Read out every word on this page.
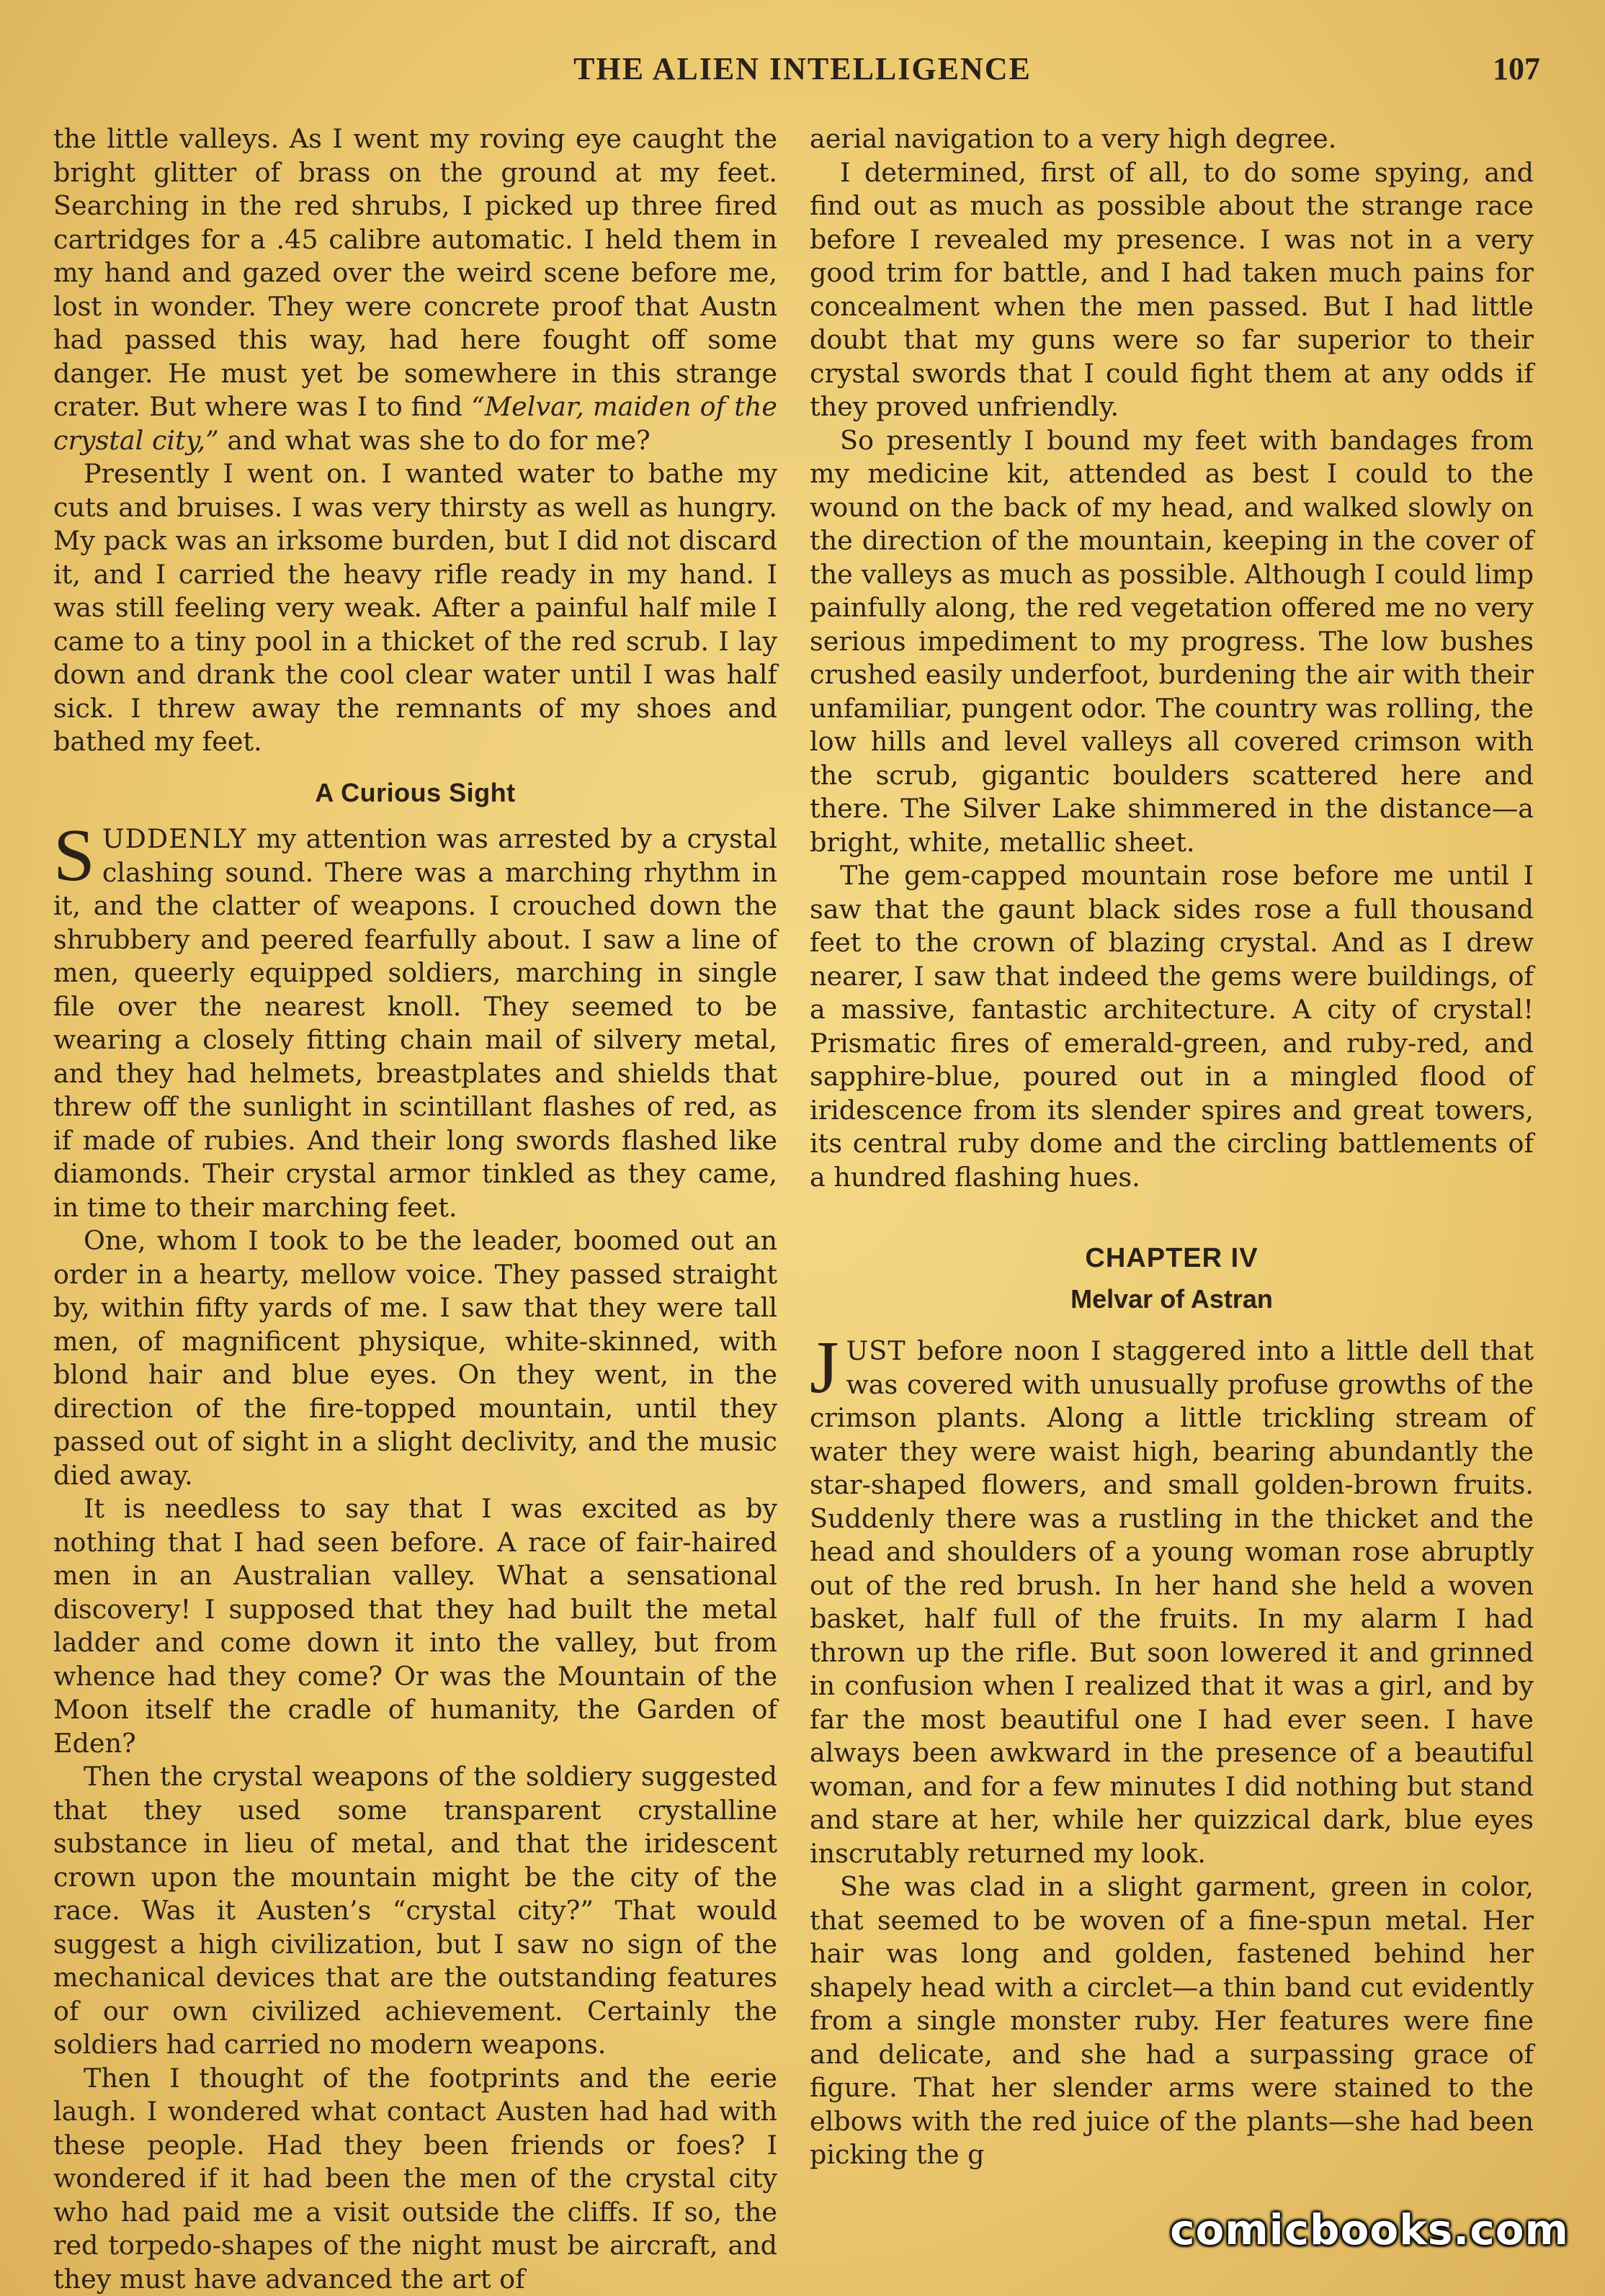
THE ALIEN INTELLIGENCE	107

the little valleys. As I went my roving eye caught the bright glitter of brass on the ground at my feet. Searching in the red shrubs, I picked up three fired cartridges for a .45 calibre automatic. I held them in my hand and gazed over the weird scene before me, lost in wonder. They were concrete proof that Austn had passed this way, had here fought off some danger. He must yet be somewhere in this strange crater. But where was I to find “Melvar, maiden of the crystal city,” and what was she to do for me?

Presently I went on. I wanted water to bathe my cuts and bruises. I was very thirsty as well as hungry. My pack was an irksome burden, but I did not discard it, and I carried the heavy rifle ready in my hand. I was still feeling very weak. After a painful half mile I came to a tiny pool in a thicket of the red scrub. I lay down and drank the cool clear water until I was half sick. I threw away the remnants of my shoes and bathed my feet.

A Curious Sight

SUDDENLY my attention was arrested by a crystal clashing sound. There was a marching rhythm in it, and the clatter of weapons. I crouched down the shrubbery and peered fearfully about. I saw a line of men, queerly equipped soldiers, marching in single file over the nearest knoll. They seemed to be wearing a closely fitting chain mail of silvery metal, and they had helmets, breastplates and shields that threw off the sunlight in scintillant flashes of red, as if made of rubies. And their long swords flashed like diamonds. Their crystal armor tinkled as they came, in time to their marching feet.

One, whom I took to be the leader, boomed out an order in a hearty, mellow voice. They passed straight by, within fifty yards of me. I saw that they were tall men, of magnificent physique, white-skinned, with blond hair and blue eyes. On they went, in the direction of the fire-topped mountain, until they passed out of sight in a slight declivity, and the music died away.

It is needless to say that I was excited as by nothing that I had seen before. A race of fair-haired men in an Australian valley. What a sensational discovery! I supposed that they had built the metal ladder and come down it into the valley, but from whence had they come? Or was the Mountain of the Moon itself the cradle of humanity, the Garden of Eden?

Then the crystal weapons of the soldiery suggested that they used some transparent crystalline substance in lieu of metal, and that the iridescent crown upon the mountain might be the city of the race. Was it Austen’s “crystal city?” That would suggest a high civilization, but I saw no sign of the mechanical devices that are the outstanding features of our own civilized achievement. Certainly the soldiers had carried no modern weapons.

Then I thought of the footprints and the eerie laugh. I wondered what contact Austen had had with these people. Had they been friends or foes? I wondered if it had been the men of the crystal city who had paid me a visit outside the cliffs. If so, the red torpedo-shapes of the night must be aircraft, and they must have advanced the art of

aerial navigation to a very high degree.

I determined, first of all, to do some spying, and find out as much as possible about the strange race before I revealed my presence. I was not in a very good trim for battle, and I had taken much pains for concealment when the men passed. But I had little doubt that my guns were so far superior to their crystal swords that I could fight them at any odds if they proved unfriendly.

So presently I bound my feet with bandages from my medicine kit, attended as best I could to the wound on the back of my head, and walked slowly on the direction of the mountain, keeping in the cover of the valleys as much as possible. Although I could limp painfully along, the red vegetation offered me no very serious impediment to my progress. The low bushes crushed easily underfoot, burdening the air with their unfamiliar, pungent odor. The country was rolling, the low hills and level valleys all covered crimson with the scrub, gigantic boulders scattered here and there. The Silver Lake shimmered in the distance—a bright, white, metallic sheet.

The gem-capped mountain rose before me until I saw that the gaunt black sides rose a full thousand feet to the crown of blazing crystal. And as I drew nearer, I saw that indeed the gems were buildings, of a massive, fantastic architecture. A city of crystal! Prismatic fires of emerald-green, and ruby-red, and sapphire-blue, poured out in a mingled flood of iridescence from its slender spires and great towers, its central ruby dome and the circling battlements of a hundred flashing hues.

CHAPTER IV
Melvar of Astran

JUST before noon I staggered into a little dell that was covered with unusually profuse growths of the crimson plants. Along a little trickling stream of water they were waist high, bearing abundantly the star-shaped flowers, and small golden-brown fruits. Suddenly there was a rustling in the thicket and the head and shoulders of a young woman rose abruptly out of the red brush. In her hand she held a woven basket, half full of the fruits. In my alarm I had thrown up the rifle. But soon lowered it and grinned in confusion when I realized that it was a girl, and by far the most beautiful one I had ever seen. I have always been awkward in the presence of a beautiful woman, and for a few minutes I did nothing but stand and stare at her, while her quizzical dark, blue eyes inscrutably returned my look.

She was clad in a slight garment, green in color, that seemed to be woven of a fine-spun metal. Her hair was long and golden, fastened behind her shapely head with a circlet—a thin band cut evidently from a single monster ruby. Her features were fine and delicate, and she had a surpassing grace of figure. That her slender arms were stained to the elbows with the red juice of the plants—she had been picking the g

comicbooks.com
